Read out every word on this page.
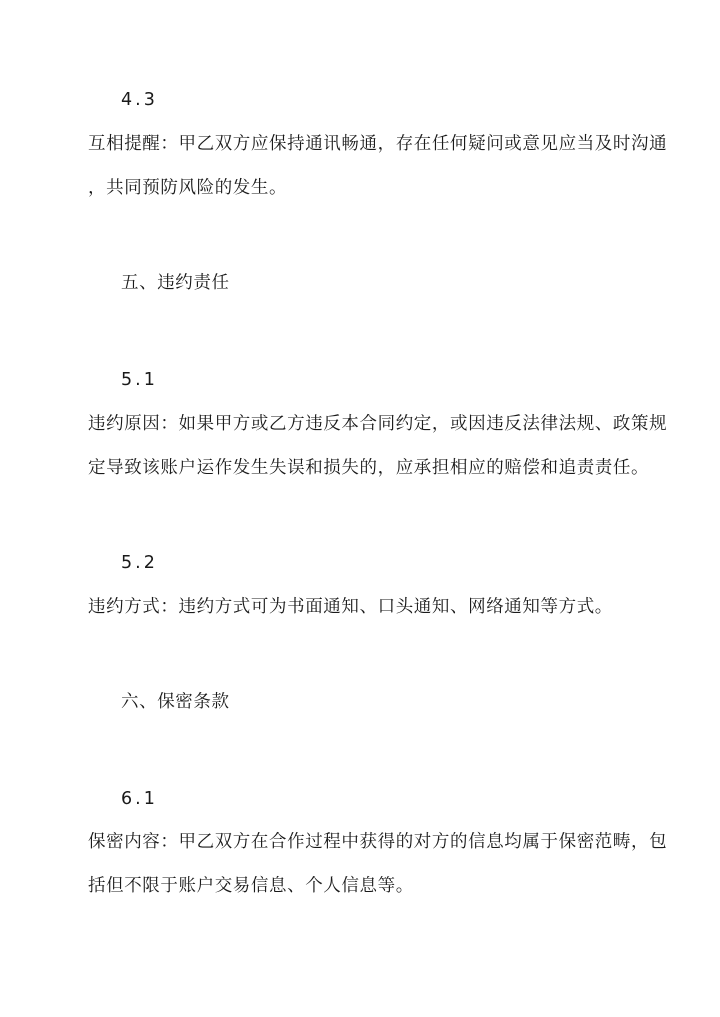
4.3
互相提醒：甲乙双方应保持通讯畅通，存在任何疑问或意见应当及时沟通
，共同预防风险的发生。
五、违约责任
5.1
违约原因：如果甲方或乙方违反本合同约定，或因违反法律法规、政策规
定导致该账户运作发生失误和损失的，应承担相应的赔偿和追责责任。
5.2
违约方式：违约方式可为书面通知、口头通知、网络通知等方式。
六、保密条款
6.1
保密内容：甲乙双方在合作过程中获得的对方的信息均属于保密范畴，包
括但不限于账户交易信息、个人信息等。
